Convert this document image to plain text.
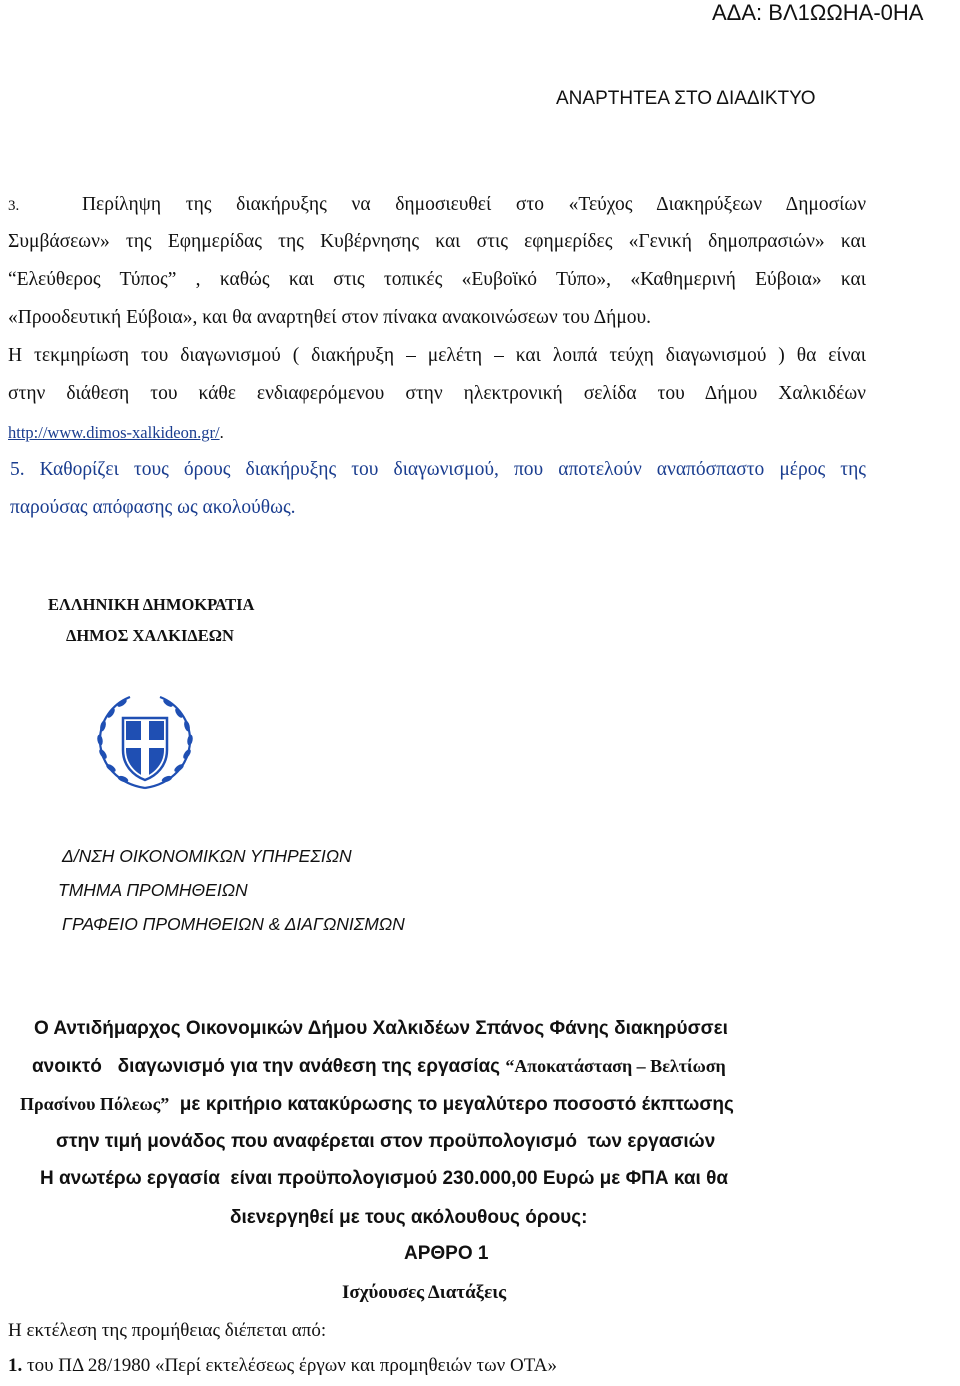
ΑΔΑ: ΒΛ1ΩΩΗΑ-0ΗΑ
ΑΝΑΡΤΗΤΕΑ ΣΤΟ ΔΙΑΔΙΚΤΥΟ
3.	Περίληψη της διακήρυξης να δημοσιευθεί στο «Τεύχος Διακηρύξεων Δημοσίων
Συμβάσεων» της Εφημερίδας της Κυβέρνησης και στις εφημερίδες «Γενική δημοπρασιών» και
“Ελεύθερος Τύπος” , καθώς και στις τοπικές «Ευβοϊκό Τύπο», «Καθημερινή Εύβοια» και
«Προοδευτική Εύβοια», και θα αναρτηθεί στον πίνακα ανακοινώσεων του Δήμου.
Η τεκμηρίωση του διαγωνισμού ( διακήρυξη – μελέτη – και λοιπά τεύχη διαγωνισμού ) θα είναι
στην διάθεση του κάθε ενδιαφερόμενου στην ηλεκτρονική σελίδα του Δήμου Χαλκιδέων
http://www.dimos-xalkideon.gr/.
5. Καθορίζει τους όρους διακήρυξης του διαγωνισμού, που αποτελούν αναπόσπαστο μέρος της
παρούσας απόφασης ως ακολούθως.
ΕΛΛΗΝΙΚΗ ΔΗΜΟΚΡΑΤΙΑ
ΔΗΜΟΣ ΧΑΛΚΙΔΕΩΝ
Δ/ΝΣΗ ΟΙΚΟΝΟΜΙΚΩΝ ΥΠΗΡΕΣΙΩΝ
ΤΜΗΜΑ ΠΡΟΜΗΘΕΙΩΝ
ΓΡΑΦΕΙΟ ΠΡΟΜΗΘΕΙΩΝ & ΔΙΑΓΩΝΙΣΜΩΝ
Ο Αντιδήμαρχος Οικονομικών Δήμου Χαλκιδέων Σπάνος Φάνης διακηρύσσει
ανοικτό   διαγωνισμό για την ανάθεση της εργασίας “Αποκατάσταση – Βελτίωση
Πρασίνου Πόλεως”  με κριτήριο κατακύρωσης το μεγαλύτερο ποσοστό έκπτωσης
στην τιμή μονάδος που αναφέρεται στον προϋπολογισμό  των εργασιών
Η ανωτέρω εργασία  είναι προϋπολογισμού 230.000,00 Ευρώ με ΦΠΑ και θα
διενεργηθεί με τους ακόλουθους όρους:
ΑΡΘΡΟ 1
Ισχύουσες Διατάξεις
Η εκτέλεση της προμήθειας διέπεται από:
1. του ΠΔ 28/1980 «Περί εκτελέσεως έργων και προμηθειών των ΟΤΑ»
